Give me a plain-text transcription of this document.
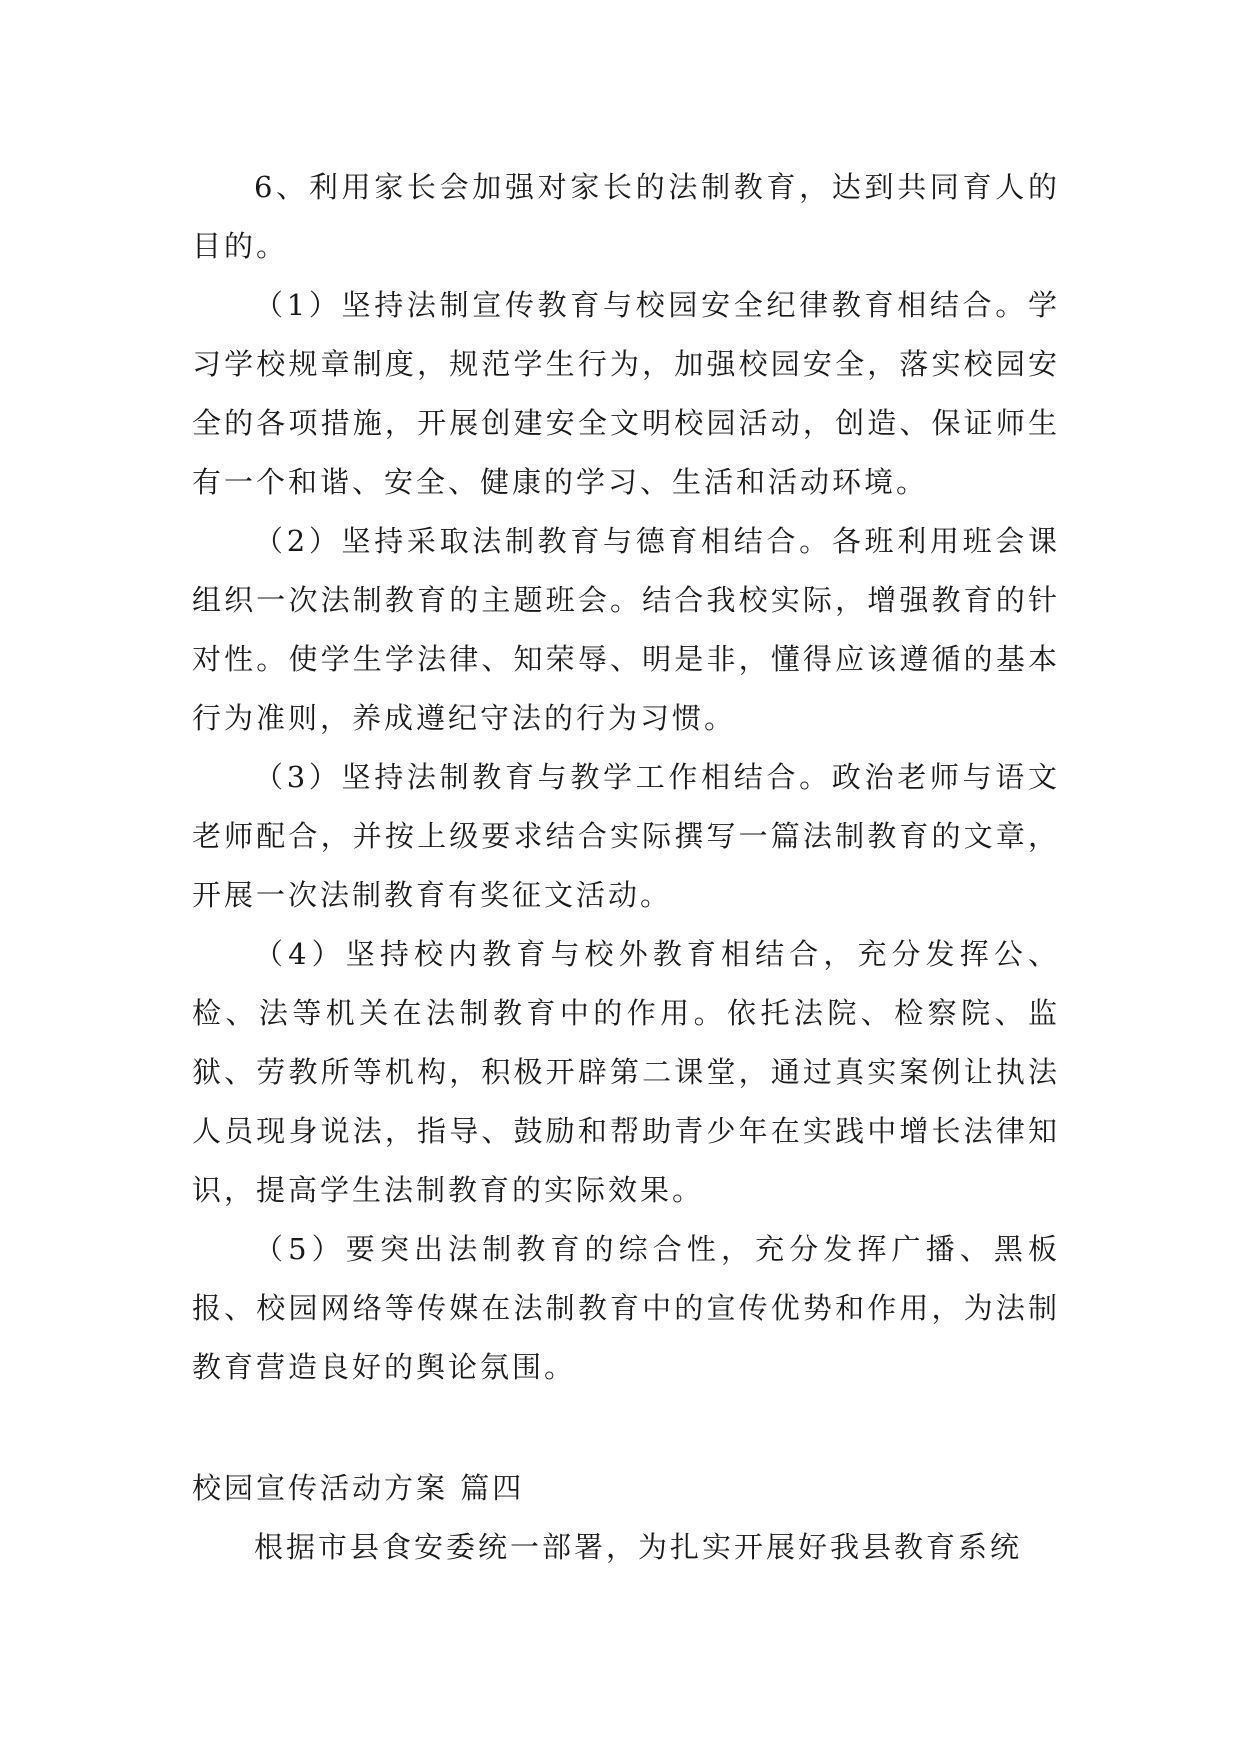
6、利用家长会加强对家长的法制教育，达到共同育人的目的。

（1）坚持法制宣传教育与校园安全纪律教育相结合。学习学校规章制度，规范学生行为，加强校园安全，落实校园安全的各项措施，开展创建安全文明校园活动，创造、保证师生有一个和谐、安全、健康的学习、生活和活动环境。

（2）坚持采取法制教育与德育相结合。各班利用班会课组织一次法制教育的主题班会。结合我校实际，增强教育的针对性。使学生学法律、知荣辱、明是非，懂得应该遵循的基本行为准则，养成遵纪守法的行为习惯。

（3）坚持法制教育与教学工作相结合。政治老师与语文老师配合，并按上级要求结合实际撰写一篇法制教育的文章，开展一次法制教育有奖征文活动。

（4）坚持校内教育与校外教育相结合，充分发挥公、检、法等机关在法制教育中的作用。依托法院、检察院、监狱、劳教所等机构，积极开辟第二课堂，通过真实案例让执法人员现身说法，指导、鼓励和帮助青少年在实践中增长法律知识，提高学生法制教育的实际效果。

（5）要突出法制教育的综合性，充分发挥广播、黑板报、校园网络等传媒在法制教育中的宣传优势和作用，为法制教育营造良好的舆论氛围。

校园宣传活动方案 篇四

根据市县食安委统一部署，为扎实开展好我县教育系统
